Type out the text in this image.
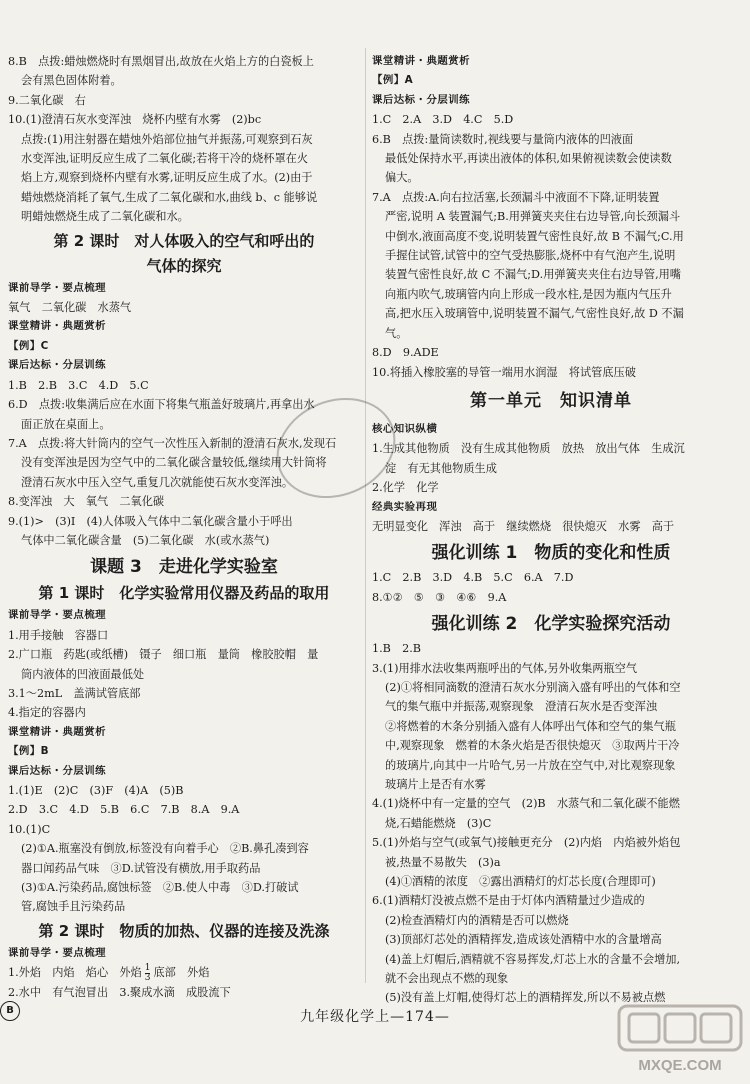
8.B　点拨:蜡烛燃烧时有黑烟冒出,故放在火焰上方的白瓷板上
会有黑色固体附着。
9.二氧化碳　右
10.(1)澄清石灰水变浑浊　烧杯内壁有水雾　(2)bc
点拨:(1)用注射器在蜡烛外焰部位抽气并振荡,可观察到石灰
水变浑浊,证明反应生成了二氧化碳;若将干冷的烧杯罩在火
焰上方,观察到烧杯内壁有水雾,证明反应生成了水。(2)由于
蜡烛燃烧消耗了氧气,生成了二氧化碳和水,曲线 b、c 能够说
明蜡烛燃烧生成了二氧化碳和水。
第 2 课时　对人体吸入的空气和呼出的
气体的探究
课前导学・要点梳理
氧气　二氧化碳　水蒸气
课堂精讲・典题赏析
【例】C
课后达标・分层训练
1.B　2.B　3.C　4.D　5.C
6.D　点拨:收集满后应在水面下将集气瓶盖好玻璃片,再拿出水
面正放在桌面上。
7.A　点拨:将大针筒内的空气一次性压入新制的澄清石灰水,发现石
没有变浑浊是因为空气中的二氧化碳含量较低,继续用大针筒将
澄清石灰水中压入空气,重复几次就能使石灰水变浑浊。
8.变浑浊　大　氧气　二氧化碳
9.(1)>　(3)I　(4)人体吸入气体中二氧化碳含量小于呼出
气体中二氧化碳含量　(5)二氧化碳　水(或水蒸气)
课题 3　走进化学实验室
第 1 课时　化学实验常用仪器及药品的取用
课前导学・要点梳理
1.用手接触　容器口
2.广口瓶　药匙(或纸槽)　镊子　细口瓶　量筒　橡胶胶帽　量
筒内液体的凹液面最低处
3.1～2mL　盖满试管底部
4.指定的容器内
课堂精讲・典题赏析
【例】B
课后达标・分层训练
1.(1)E　(2)C　(3)F　(4)A　(5)B
2.D　3.C　4.D　5.B　6.C　7.B　8.A　9.A
10.(1)C
(2)①A.瓶塞没有倒放,标签没有向着手心　②B.鼻孔凑到容
器口闻药品气味　③D.试管没有横放,用手取药品
(3)①A.污染药品,腐蚀标签　②B.使人中毒　③D.打破试
管,腐蚀手且污染药品
第 2 课时　物质的加热、仪器的连接及洗涤
课前导学・要点梳理
1.外焰　内焰　焰心　外焰 $\frac{1}{3}$ 底部　外焰
2.水中　有气泡冒出　3.聚成水滴　成股流下
课堂精讲・典题赏析
【例】A
课后达标・分层训练
1.C　2.A　3.D　4.C　5.D
6.B　点拨:量筒读数时,视线要与量筒内液体的凹液面
最低处保持水平,再读出液体的体积,如果俯视读数会使读数
偏大。
7.A　点拨:A.向右拉活塞,长颈漏斗中液面不下降,证明装置
严密,说明 A 装置漏气;B.用弹簧夹夹住右边导管,向长颈漏斗
中倒水,液面高度不变,说明装置气密性良好,故 B 不漏气;C.用
手握住试管,试管中的空气受热膨胀,烧杯中有气泡产生,说明
装置气密性良好,故 C 不漏气;D.用弹簧夹夹住右边导管,用嘴
向瓶内吹气,玻璃管内向上形成一段水柱,是因为瓶内气压升
高,把水压入玻璃管中,说明装置不漏气,气密性良好,故 D 不漏
气。
8.D　9.ADE
10.将插入橡胶塞的导管一端用水润湿　将试管底压破
第一单元　知识清单
核心知识纵横
1.生成其他物质　没有生成其他物质　放热　放出气体　生成沉
淀　有无其他物质生成
2.化学　化学
经典实验再现
无明显变化　浑浊　高于　继续燃烧　很快熄灭　水雾　高于
强化训练 1　物质的变化和性质
1.C　2.B　3.D　4.B　5.C　6.A　7.D
8.①②　⑤　③　④⑥　9.A
强化训练 2　化学实验探究活动
1.B　2.B
3.(1)用排水法收集两瓶呼出的气体,另外收集两瓶空气
(2)①将相同滴数的澄清石灰水分别滴入盛有呼出的气体和空
气的集气瓶中并振荡,观察现象　澄清石灰水是否变浑浊
②将燃着的木条分别插入盛有人体呼出气体和空气的集气瓶
中,观察现象　燃着的木条火焰是否很快熄灭　③取两片干冷
的玻璃片,向其中一片哈气,另一片放在空气中,对比观察现象
玻璃片上是否有水雾
4.(1)烧杯中有一定量的空气　(2)B　水蒸气和二氧化碳不能燃
烧,石蜡能燃烧　(3)C
5.(1)外焰与空气(或氧气)接触更充分　(2)内焰　内焰被外焰包
被,热量不易散失　(3)a
(4)①酒精的浓度　②露出酒精灯的灯芯长度(合理即可)
6.(1)酒精灯没被点燃不是由于灯体内酒精量过少造成的
(2)检查酒精灯内的酒精是否可以燃烧
(3)顶部灯芯处的酒精挥发,造成该处酒精中水的含量增高
(4)盖上灯帽后,酒精就不容易挥发,灯芯上水的含量不会增加,
就不会出现点不燃的现象
(5)没有盖上灯帽,使得灯芯上的酒精挥发,所以不易被点燃
B	九年级化学上—174—
MXQE.COM
